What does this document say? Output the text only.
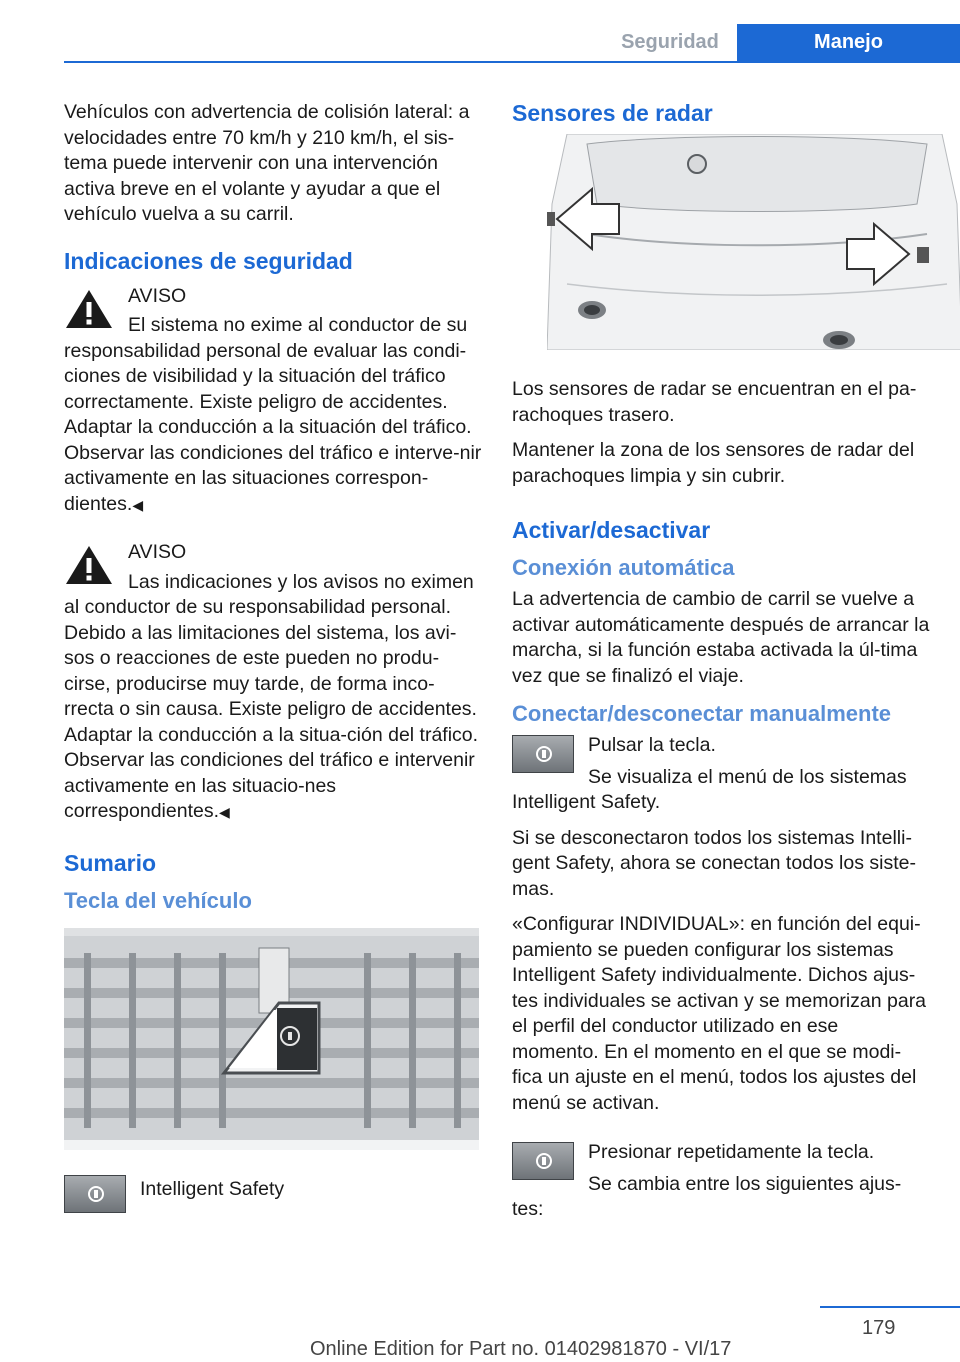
Seguridad	Manejo

Vehículos con advertencia de colisión lateral: a velocidades entre 70 km/h y 210 km/h, el sis‐tema puede intervenir con una intervención activa breve en el volante y ayudar a que el vehículo vuelva a su carril.

Indicaciones de seguridad
AVISO

El sistema no exime al conductor de su responsabilidad personal de evaluar las condi‐ciones de visibilidad y la situación del tráfico correctamente. Existe peligro de accidentes. Adaptar la conducción a la situación del tráfico. Observar las condiciones del tráfico e interve‐nir activamente en las situaciones correspon‐dientes.◀

AVISO

Las indicaciones y los avisos no eximen al conductor de su responsabilidad personal. Debido a las limitaciones del sistema, los avi‐sos o reacciones de este pueden no produ‐cirse, producirse muy tarde, de forma inco‐rrecta o sin causa. Existe peligro de accidentes. Adaptar la conducción a la situa‐ción del tráfico. Observar las condiciones del tráfico e intervenir activamente en las situacio‐nes correspondientes.◀

Sumario
Tecla del vehículo

Intelligent Safety

Sensores de radar

Los sensores de radar se encuentran en el pa‐rachoques trasero.

Mantener la zona de los sensores de radar del parachoques limpia y sin cubrir.

Activar/desactivar
Conexión automática

La advertencia de cambio de carril se vuelve a activar automáticamente después de arrancar la marcha, si la función estaba activada la úl‐tima vez que se finalizó el viaje.

Conectar/desconectar manualmente

Pulsar la tecla.

Se visualiza el menú de los sistemas Intelligent Safety.

Si se desconectaron todos los sistemas Intelli‐gent Safety, ahora se conectan todos los siste‐mas.

«Configurar INDIVIDUAL»: en función del equi‐pamiento se pueden configurar los sistemas Intelligent Safety individualmente. Dichos ajus‐tes individuales se activan y se memorizan para el perfil del conductor utilizado en ese momento. En el momento en el que se modi‐fica un ajuste en el menú, todos los ajustes del menú se activan.

Presionar repetidamente la tecla.

Se cambia entre los siguientes ajus‐tes:

179
Online Edition for Part no. 01402981870 - VI/17
